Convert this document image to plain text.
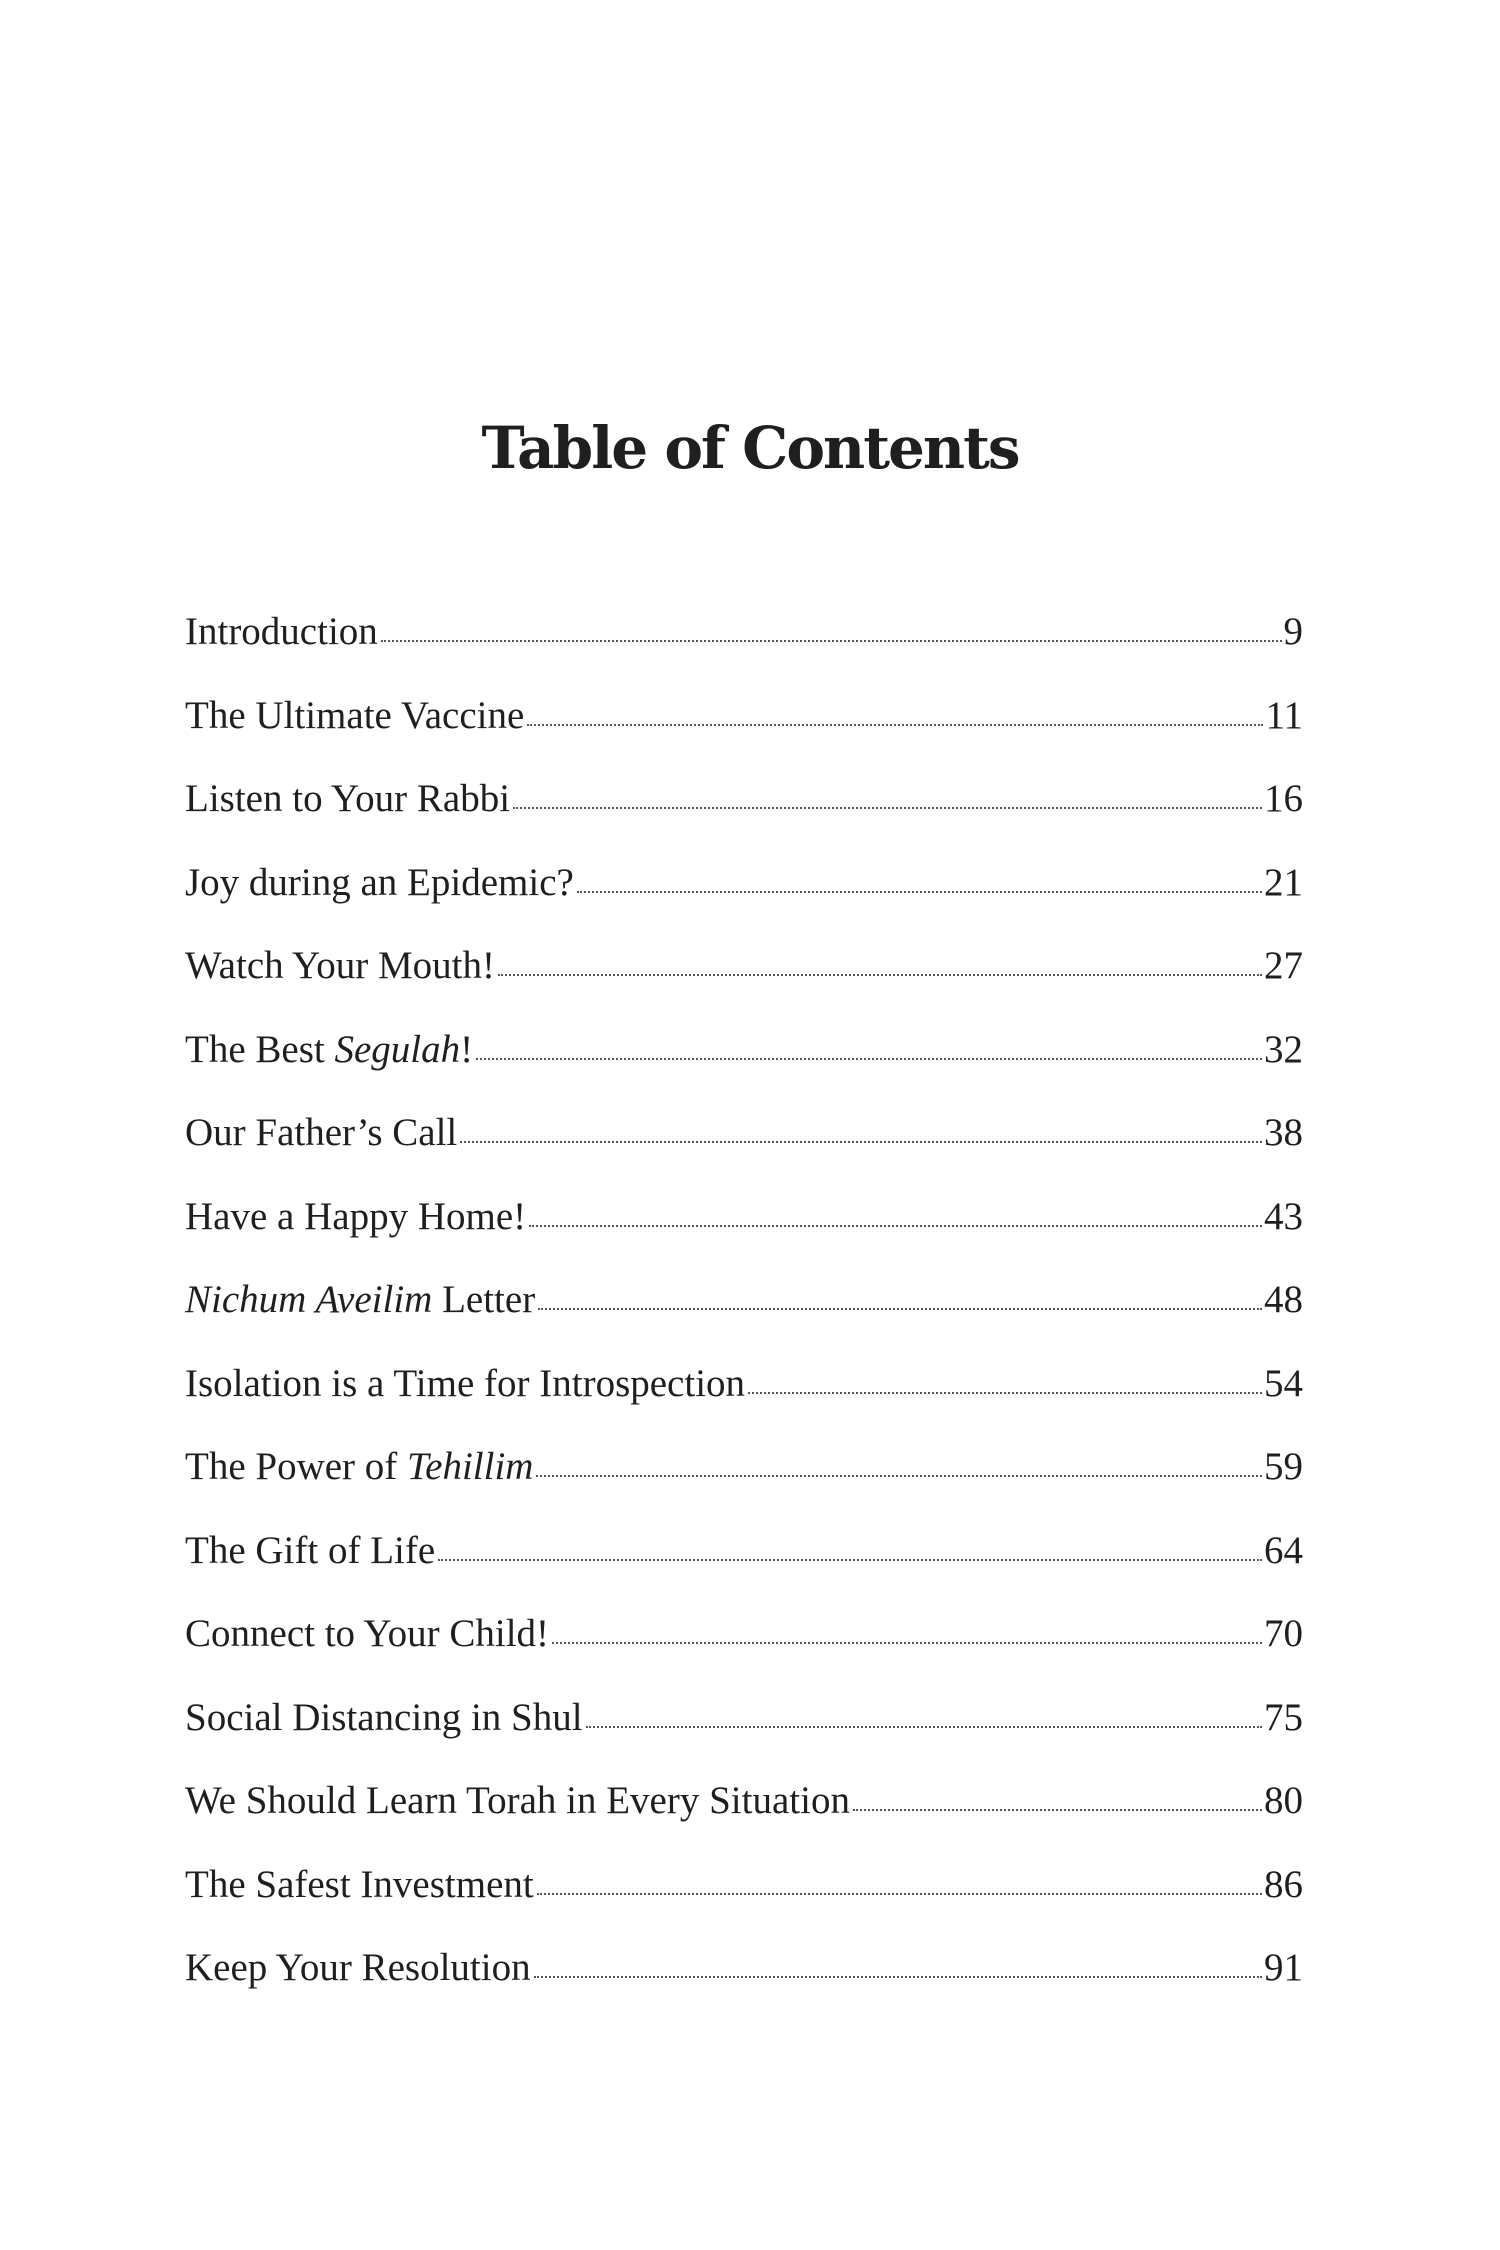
Table of Contents
Introduction	9
The Ultimate Vaccine	11
Listen to Your Rabbi	16
Joy during an Epidemic?	21
Watch Your Mouth!	27
The Best Segulah!	32
Our Father’s Call	38
Have a Happy Home!	43
Nichum Aveilim Letter	48
Isolation is a Time for Introspection	54
The Power of Tehillim	59
The Gift of Life	64
Connect to Your Child!	70
Social Distancing in Shul	75
We Should Learn Torah in Every Situation	80
The Safest Investment	86
Keep Your Resolution	91
